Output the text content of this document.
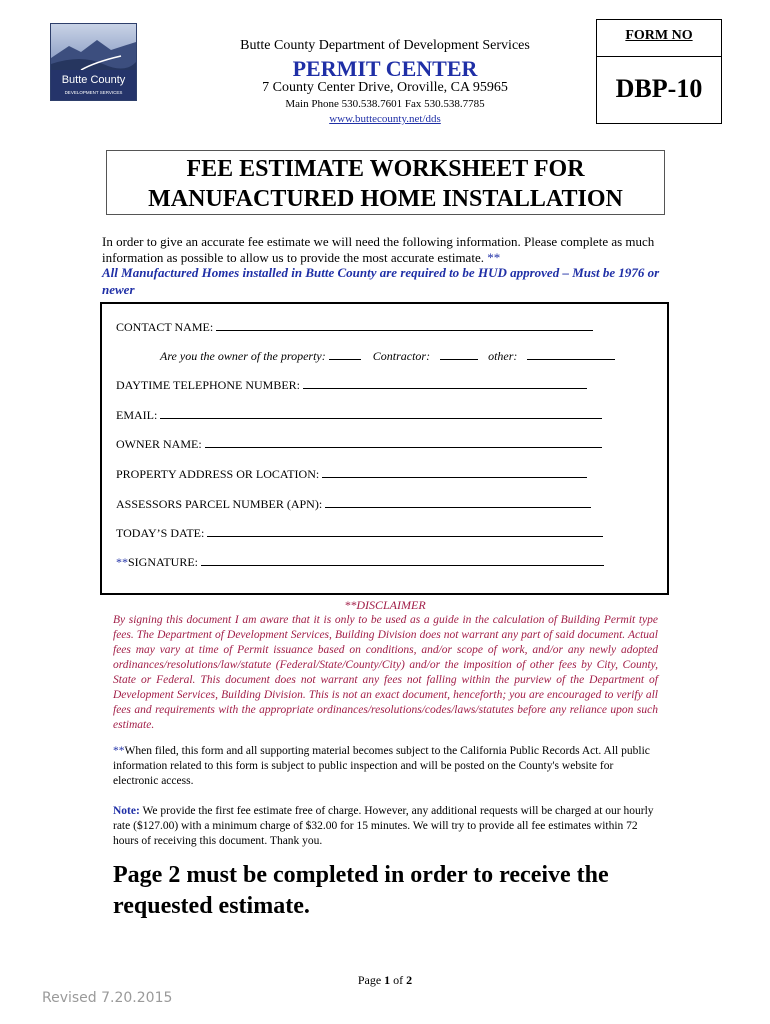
Butte County
DEVELOPMENT SERVICES
Butte County Department of Development Services
PERMIT CENTER
7 County Center Drive, Oroville, CA 95965
Main Phone 530.538.7601 Fax 530.538.7785
www.buttecounty.net/dds
FORM NO
DBP-10
FEE ESTIMATE WORKSHEET FOR
MANUFACTURED HOME INSTALLATION
In order to give an accurate fee estimate we will need the following information. Please complete as much information as possible to allow us to provide the most accurate estimate. **
All Manufactured Homes installed in Butte County are required to be HUD approved – Must be 1976 or newer
CONTACT NAME:
Are you the owner of the property:	Contractor:	other:
DAYTIME TELEPHONE NUMBER:
EMAIL:
OWNER NAME:
PROPERTY ADDRESS OR LOCATION:
ASSESSORS PARCEL NUMBER (APN):
TODAY’S DATE:
**SIGNATURE:
**DISCLAIMER
By signing this document I am aware that it is only to be used as a guide in the calculation of Building Permit type fees. The Department of Development Services, Building Division does not warrant any part of said document. Actual fees may vary at time of Permit issuance based on conditions, and/or scope of work, and/or any newly adopted ordinances/resolutions/law/statute (Federal/State/County/City) and/or the imposition of other fees by City, County, State or Federal. This document does not warrant any fees not falling within the purview of the Department of Development Services, Building Division. This is not an exact document, henceforth; you are encouraged to verify all fees and requirements with the appropriate ordinances/resolutions/codes/laws/statutes before any reliance upon such estimate.
**When filed, this form and all supporting material becomes subject to the California Public Records Act. All public information related to this form is subject to public inspection and will be posted on the County's website for electronic access.
Note: We provide the first fee estimate free of charge. However, any additional requests will be charged at our hourly rate ($127.00) with a minimum charge of $32.00 for 15 minutes. We will try to provide all fee estimates within 72 hours of receiving this document. Thank you.
Page 2 must be completed in order to receive the requested estimate.
Page 1 of 2
Revised 7.20.2015
